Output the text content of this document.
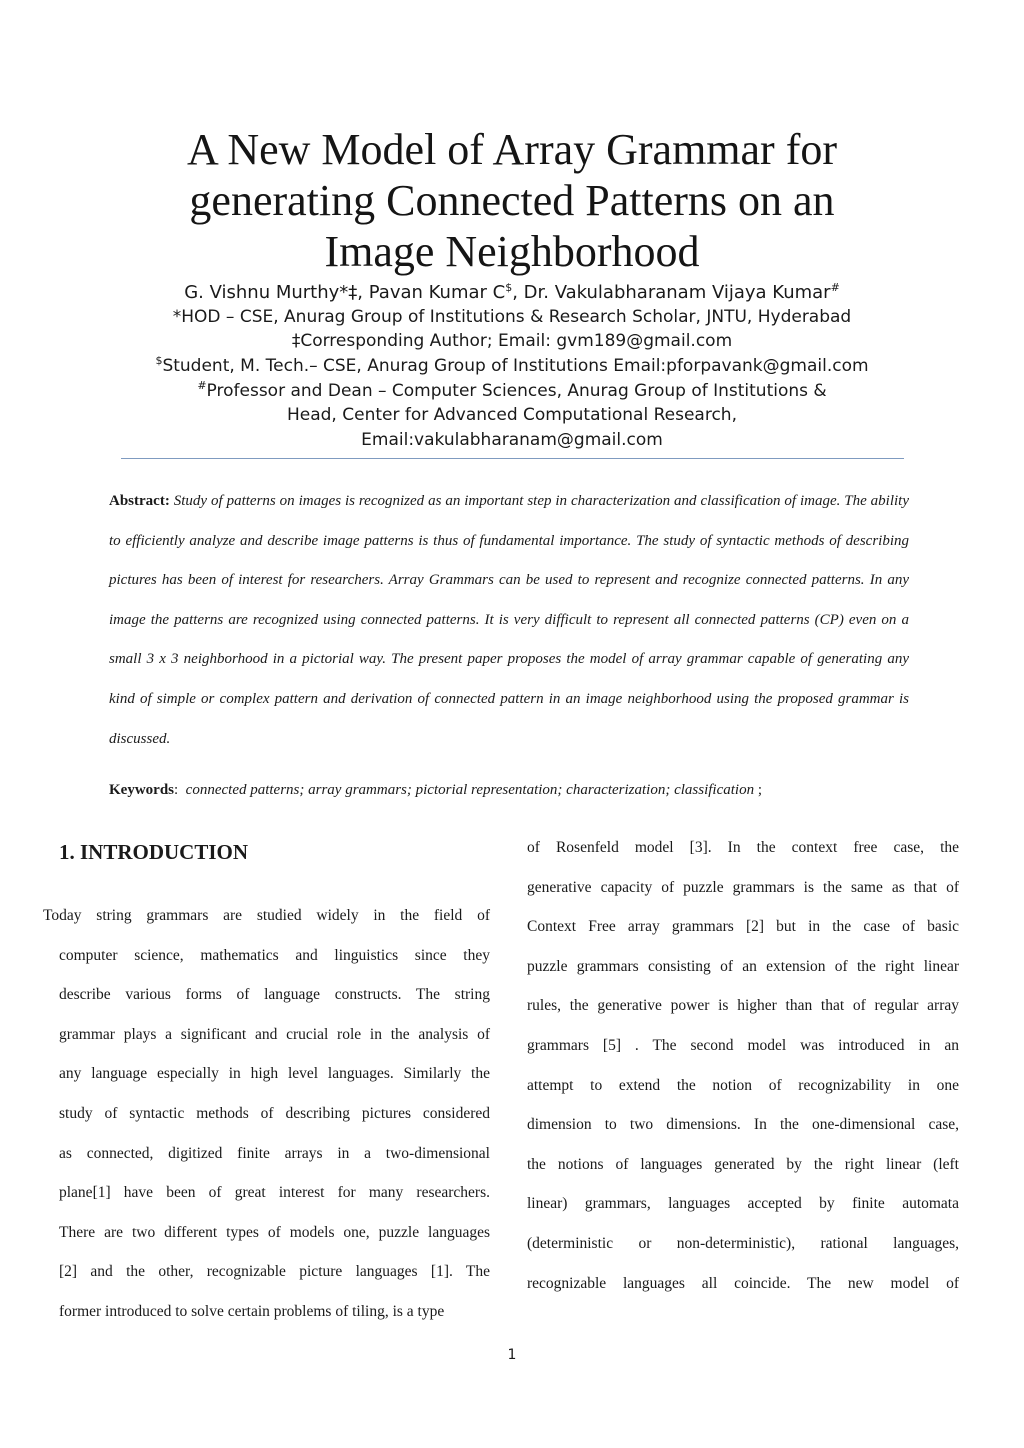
A New Model of Array Grammar for
generating Connected Patterns on an
Image Neighborhood
G. Vishnu Murthy*‡, Pavan Kumar C$, Dr. Vakulabharanam Vijaya Kumar#
*HOD – CSE, Anurag Group of Institutions & Research Scholar, JNTU, Hyderabad
‡Corresponding Author; Email: gvm189@gmail.com
$Student, M. Tech.– CSE, Anurag Group of Institutions Email:pforpavank@gmail.com
#Professor and Dean – Computer Sciences, Anurag Group of Institutions &
Head, Center for Advanced Computational Research,
Email:vakulabharanam@gmail.com
Abstract: Study of patterns on images is recognized as an important step in characterization and classification of image. The ability to efficiently analyze and describe image patterns is thus of fundamental importance. The study of syntactic methods of describing pictures has been of interest for researchers. Array Grammars can be used to represent and recognize connected patterns. In any image the patterns are recognized using connected patterns. It is very difficult to represent all connected patterns (CP) even on a small 3 x 3 neighborhood in a pictorial way. The present paper proposes the model of array grammar capable of generating any kind of simple or complex pattern and derivation of connected pattern in an image neighborhood using the proposed grammar is discussed.
Keywords: connected patterns; array grammars; pictorial representation; characterization; classification ;
1. INTRODUCTION
Today string grammars are studied widely in the field of
computer science, mathematics and linguistics since they
describe various forms of language constructs. The string
grammar plays a significant and crucial role in the analysis of
any language especially in high level languages. Similarly the
study of syntactic methods of describing pictures considered
as connected, digitized finite arrays in a two-dimensional
plane[1] have been of great interest for many researchers.
There are two different types of models one, puzzle languages
[2] and the other, recognizable picture languages [1]. The
former introduced to solve certain problems of tiling, is a type
of Rosenfeld model [3]. In the context free case, the
generative capacity of puzzle grammars is the same as that of
Context Free array grammars [2] but in the case of basic
puzzle grammars consisting of an extension of the right linear
rules, the generative power is higher than that of regular array
grammars [5] . The second model was introduced in an
attempt to extend the notion of recognizability in one
dimension to two dimensions. In the one-dimensional case,
the notions of languages generated by the right linear (left
linear) grammars, languages accepted by finite automata
(deterministic or non-deterministic), rational languages,
recognizable languages all coincide. The new model of
1
